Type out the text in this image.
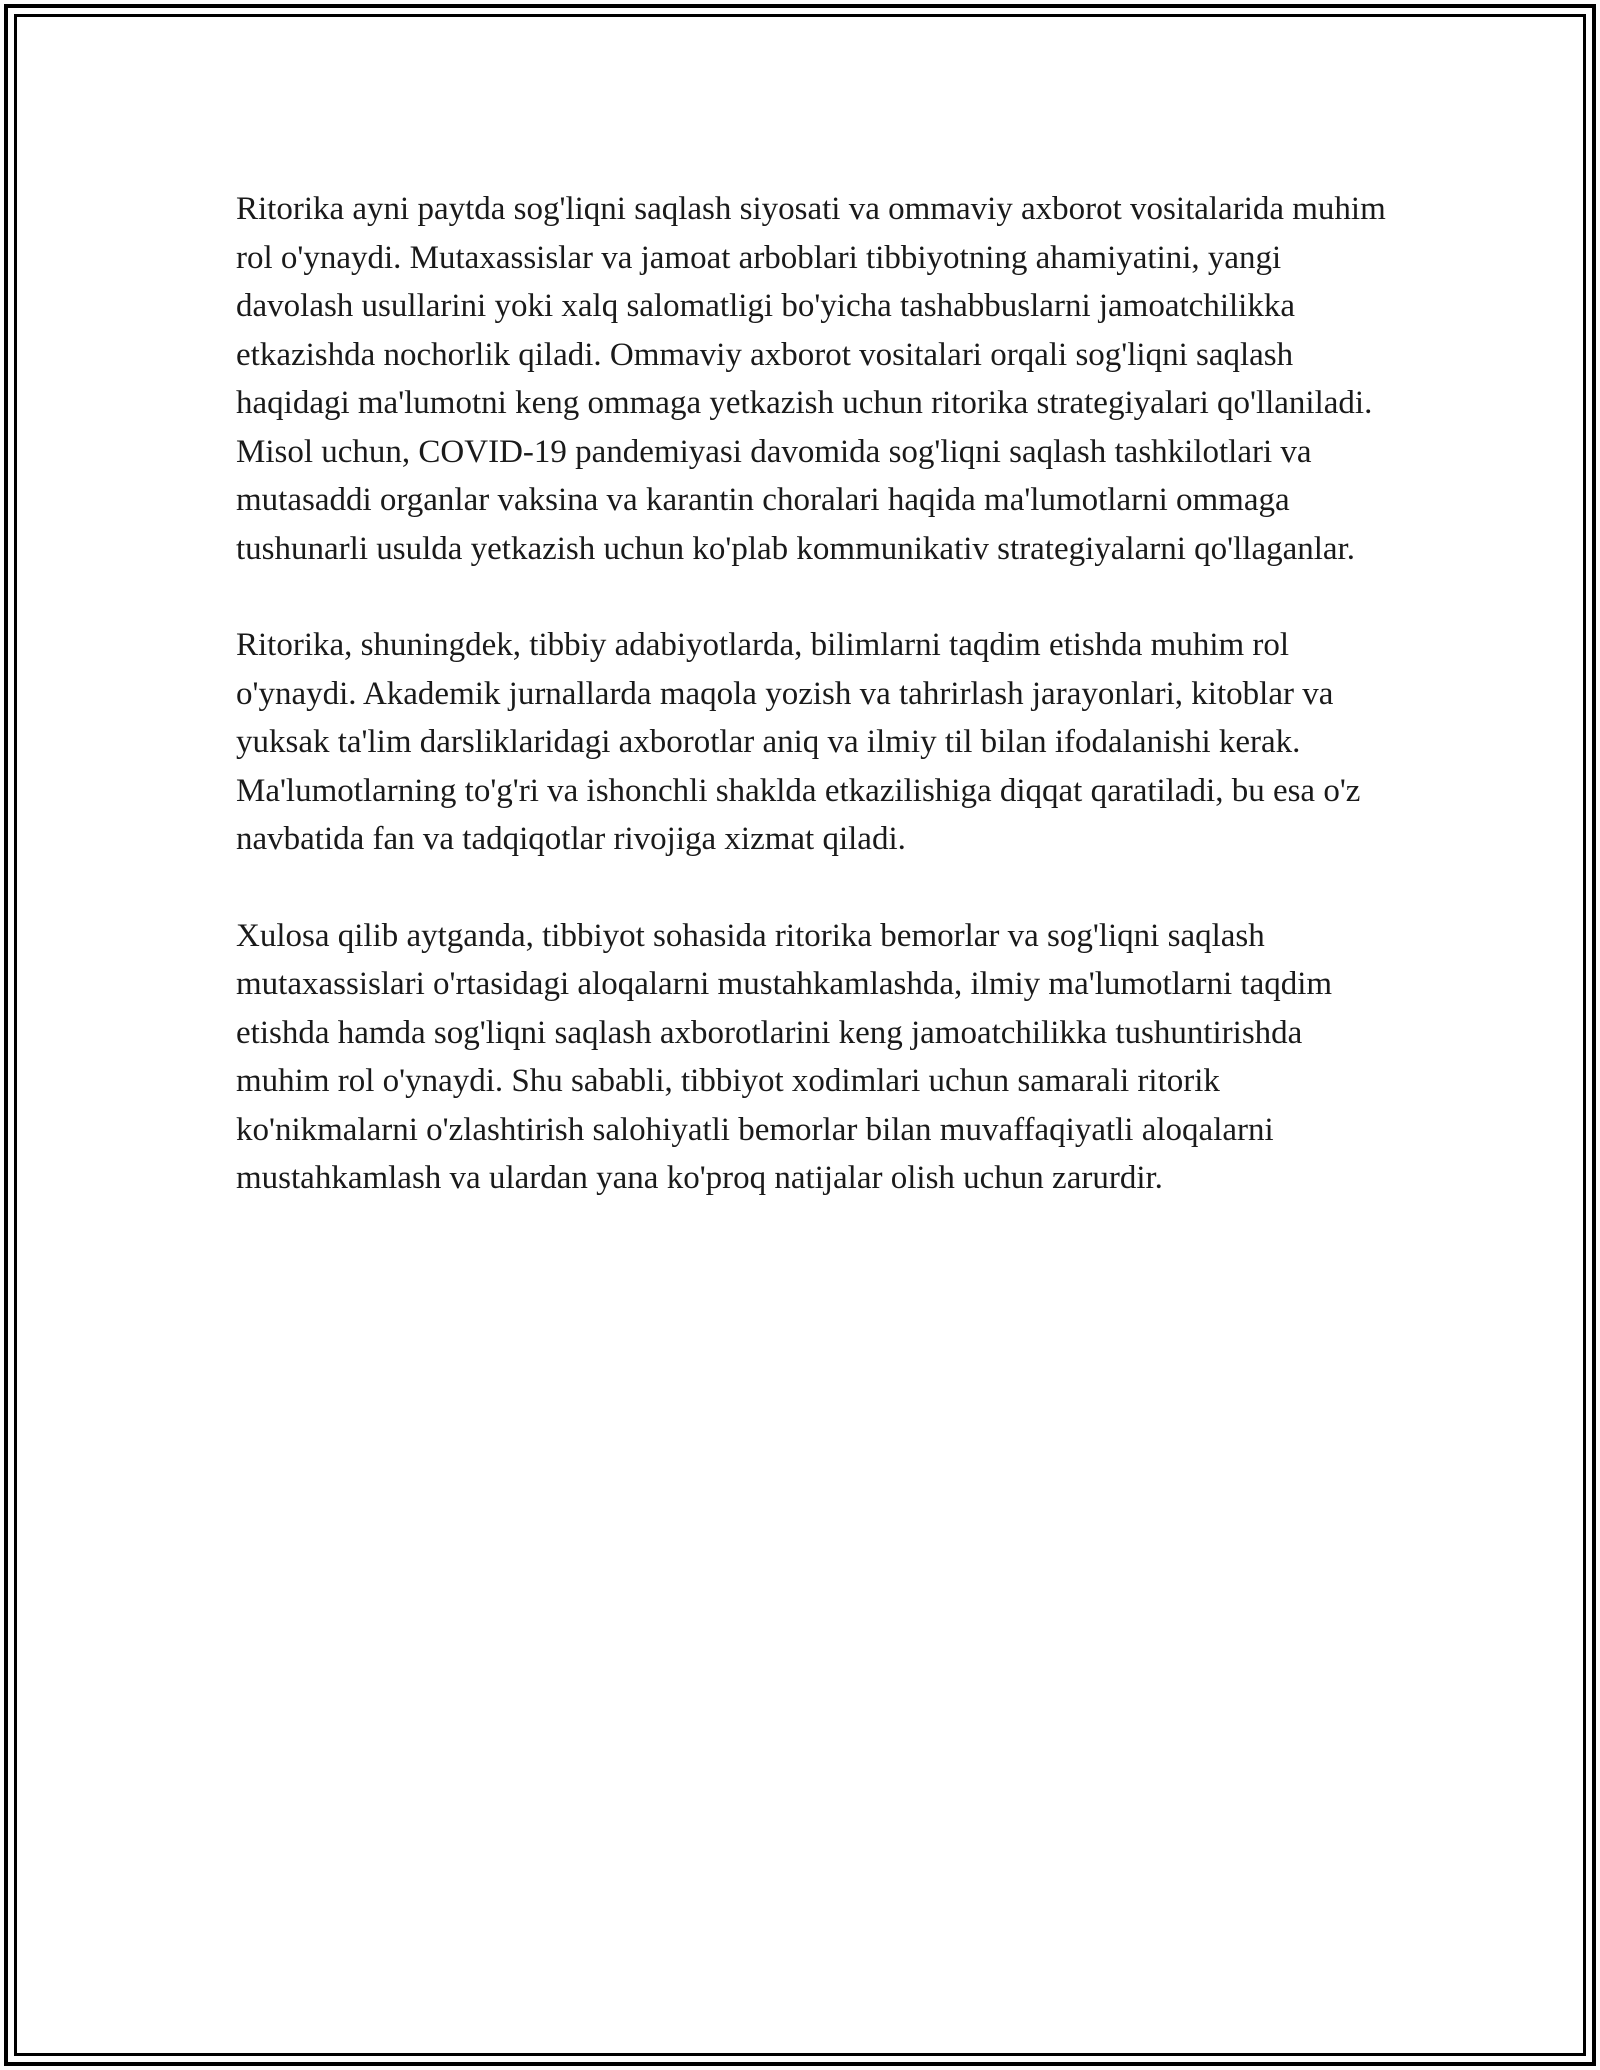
Ritorika ayni paytda sog'liqni saqlash siyosati va ommaviy axborot vositalarida muhim rol o'ynaydi. Mutaxassislar va jamoat arboblari tibbiyotning ahamiyatini, yangi davolash usullarini yoki xalq salomatligi bo'yicha tashabbuslarni jamoatchilikka etkazishda nochorlik qiladi. Ommaviy axborot vositalari orqali sog'liqni saqlash haqidagi ma'lumotni keng ommaga yetkazish uchun ritorika strategiyalari qo'llaniladi. Misol uchun, COVID-19 pandemiyasi davomida sog'liqni saqlash tashkilotlari va mutasaddi organlar vaksina va karantin choralari haqida ma'lumotlarni ommaga tushunarli usulda yetkazish uchun ko'plab kommunikativ strategiyalarni qo'llaganlar.

Ritorika, shuningdek, tibbiy adabiyotlarda, bilimlarni taqdim etishda muhim rol o'ynaydi. Akademik jurnallarda maqola yozish va tahrirlash jarayonlari, kitoblar va yuksak ta'lim darsliklaridagi axborotlar aniq va ilmiy til bilan ifodalanishi kerak. Ma'lumotlarning to'g'ri va ishonchli shaklda etkazilishiga diqqat qaratiladi, bu esa o'z navbatida fan va tadqiqotlar rivojiga xizmat qiladi.

Xulosa qilib aytganda, tibbiyot sohasida ritorika bemorlar va sog'liqni saqlash mutaxassislari o'rtasidagi aloqalarni mustahkamlashda, ilmiy ma'lumotlarni taqdim etishda hamda sog'liqni saqlash axborotlarini keng jamoatchilikka tushuntirishda muhim rol o'ynaydi. Shu sababli, tibbiyot xodimlari uchun samarali ritorik ko'nikmalarni o'zlashtirish salohiyatli bemorlar bilan muvaffaqiyatli aloqalarni mustahkamlash va ulardan yana ko'proq natijalar olish uchun zarurdir.
